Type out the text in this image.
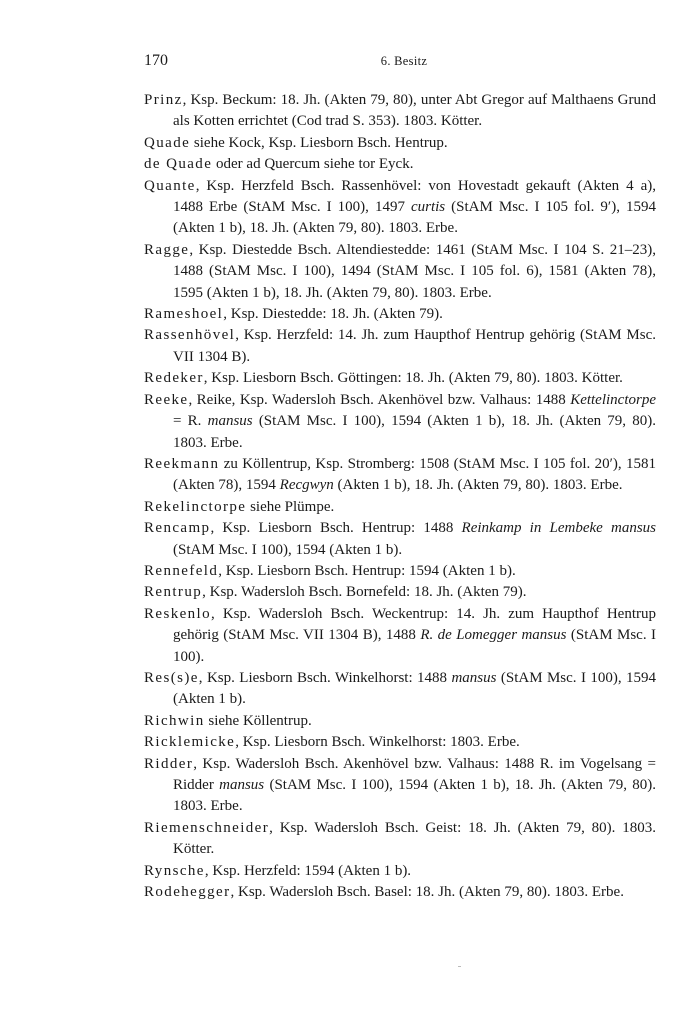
170	6. Besitz
Prinz, Ksp. Beckum: 18. Jh. (Akten 79, 80), unter Abt Gregor auf Malthaens Grund als Kotten errichtet (Cod trad S. 353). 1803. Kötter.
Quade siehe Kock, Ksp. Liesborn Bsch. Hentrup.
de Quade oder ad Quercum siehe tor Eyck.
Quante, Ksp. Herzfeld Bsch. Rassenhövel: von Hovestadt gekauft (Akten 4 a), 1488 Erbe (StAM Msc. I 100), 1497 curtis (StAM Msc. I 105 fol. 9′), 1594 (Akten 1 b), 18. Jh. (Akten 79, 80). 1803. Erbe.
Ragge, Ksp. Diestedde Bsch. Altendiestedde: 1461 (StAM Msc. I 104 S. 21–23), 1488 (StAM Msc. I 100), 1494 (StAM Msc. I 105 fol. 6), 1581 (Akten 78), 1595 (Akten 1 b), 18. Jh. (Akten 79, 80). 1803. Erbe.
Rameshoel, Ksp. Diestedde: 18. Jh. (Akten 79).
Rassenhövel, Ksp. Herzfeld: 14. Jh. zum Haupthof Hentrup gehörig (StAM Msc. VII 1304 B).
Redeker, Ksp. Liesborn Bsch. Göttingen: 18. Jh. (Akten 79, 80). 1803. Kötter.
Reeke, Reike, Ksp. Wadersloh Bsch. Akenhövel bzw. Valhaus: 1488 Kettelinctorpe = R. mansus (StAM Msc. I 100), 1594 (Akten 1 b), 18. Jh. (Akten 79, 80). 1803. Erbe.
Reekmann zu Köllentrup, Ksp. Stromberg: 1508 (StAM Msc. I 105 fol. 20′), 1581 (Akten 78), 1594 Recgwyn (Akten 1 b), 18. Jh. (Akten 79, 80). 1803. Erbe.
Rekelinctorpe siehe Plümpe.
Rencamp, Ksp. Liesborn Bsch. Hentrup: 1488 Reinkamp in Lembeke mansus (StAM Msc. I 100), 1594 (Akten 1 b).
Rennefeld, Ksp. Liesborn Bsch. Hentrup: 1594 (Akten 1 b).
Rentrup, Ksp. Wadersloh Bsch. Bornefeld: 18. Jh. (Akten 79).
Reskenlo, Ksp. Wadersloh Bsch. Weckentrup: 14. Jh. zum Haupthof Hentrup gehörig (StAM Msc. VII 1304 B), 1488 R. de Lomegger mansus (StAM Msc. I 100).
Res(s)e, Ksp. Liesborn Bsch. Winkelhorst: 1488 mansus (StAM Msc. I 100), 1594 (Akten 1 b).
Richwin siehe Köllentrup.
Ricklemicke, Ksp. Liesborn Bsch. Winkelhorst: 1803. Erbe.
Ridder, Ksp. Wadersloh Bsch. Akenhövel bzw. Valhaus: 1488 R. im Vogelsang = Ridder mansus (StAM Msc. I 100), 1594 (Akten 1 b), 18. Jh. (Akten 79, 80). 1803. Erbe.
Riemenschneider, Ksp. Wadersloh Bsch. Geist: 18. Jh. (Akten 79, 80). 1803. Kötter.
Rynsche, Ksp. Herzfeld: 1594 (Akten 1 b).
Rodehegger, Ksp. Wadersloh Bsch. Basel: 18. Jh. (Akten 79, 80). 1803. Erbe.
